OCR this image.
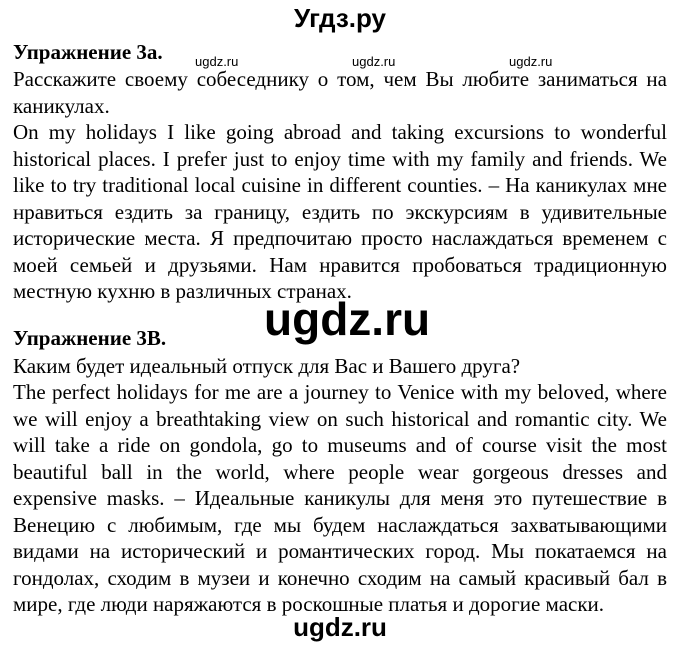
Угдз.ру
ugdz.ru	ugdz.ru	ugdz.ru
Упражнение 3а.

Расскажите своему собеседнику о том, чем Вы любите заниматься на каникулах.

On my holidays I like going abroad and taking excursions to wonderful historical places. I prefer just to enjoy time with my family and friends. We like to try traditional local cuisine in different counties. – На каникулах мне нравиться ездить за границу, ездить по экскурсиям в удивительные исторические места. Я предпочитаю просто наслаждаться временем с моей семьей и друзьями. Нам нравится пробоваться традиционную местную кухню в различных странах.

ugdz.ru
Упражнение 3В.

Каким будет идеальный отпуск для Вас и Вашего друга?

The perfect holidays for me are a journey to Venice with my beloved, where we will enjoy a breathtaking view on such historical and romantic city. We will take a ride on gondola, go to museums and of course visit the most beautiful ball in the world, where people wear gorgeous dresses and expensive masks. – Идеальные каникулы для меня это путешествие в Венецию с любимым, где мы будем наслаждаться захватывающими видами на исторический и романтических город. Мы покатаемся на гондолах, сходим в музеи и конечно сходим на самый красивый бал в мире, где люди наряжаются в роскошные платья и дорогие маски.

ugdz.ru
